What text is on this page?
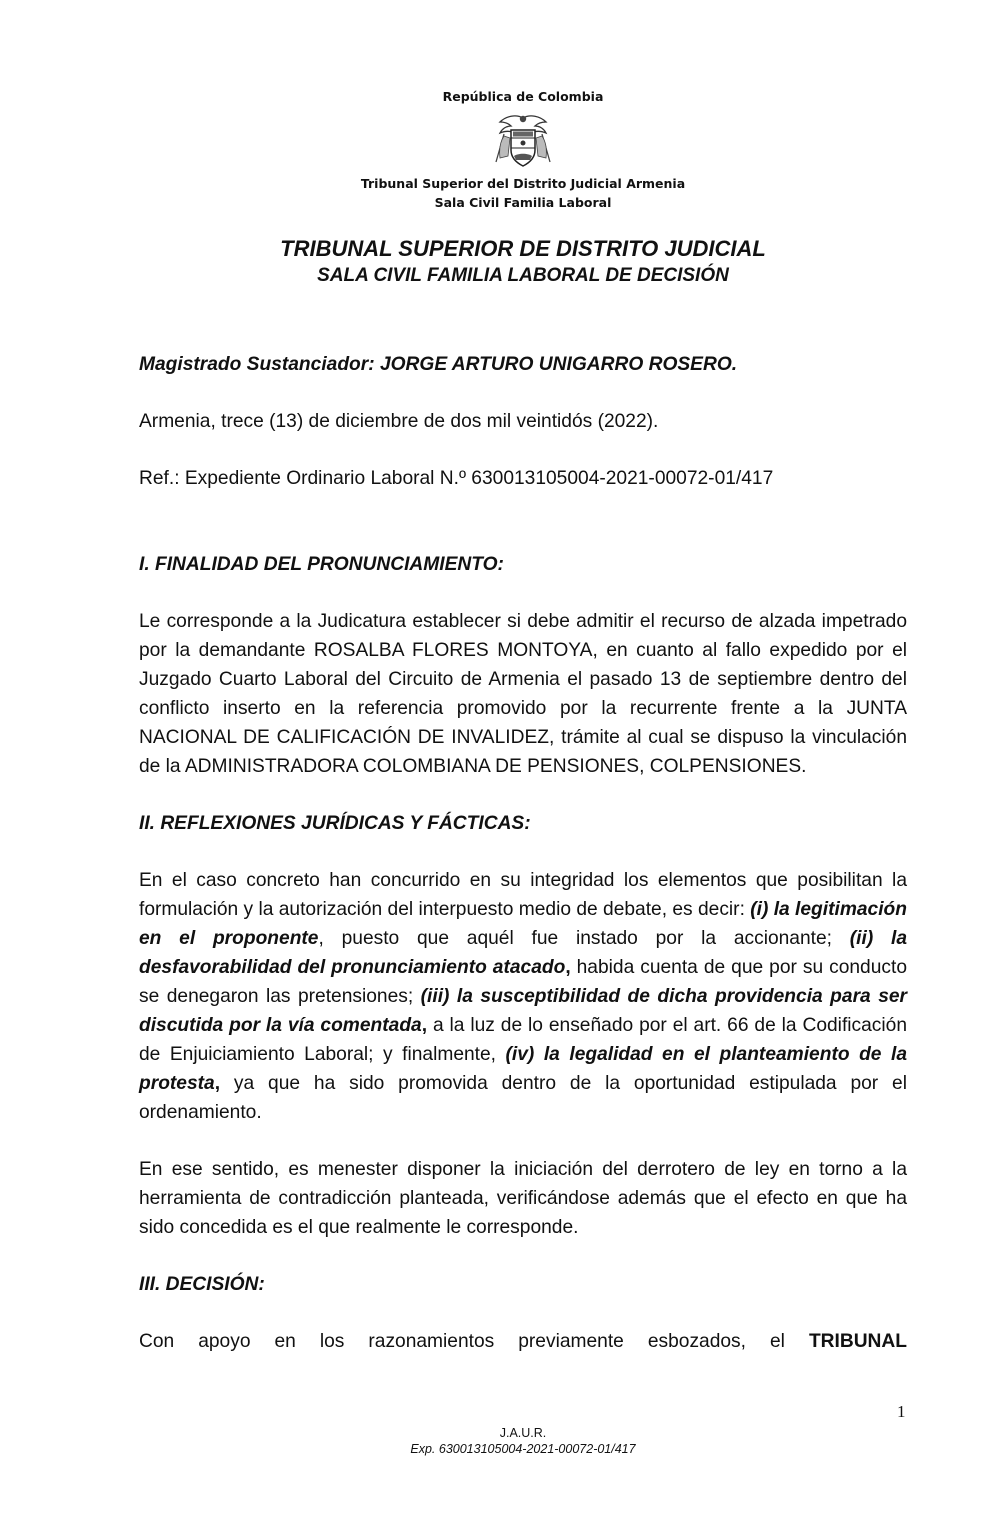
República de Colombia
Tribunal Superior del Distrito Judicial Armenia
Sala Civil Familia Laboral
TRIBUNAL SUPERIOR DE DISTRITO JUDICIAL
SALA CIVIL FAMILIA LABORAL DE DECISIÓN

Magistrado Sustanciador: JORGE ARTURO UNIGARRO ROSERO.

Armenia, trece (13) de diciembre de dos mil veintidós (2022).

Ref.: Expediente Ordinario Laboral N.º 630013105004-2021-00072-01/417

I. FINALIDAD DEL PRONUNCIAMIENTO:

Le corresponde a la Judicatura establecer si debe admitir el recurso de alzada impetrado por la demandante ROSALBA FLORES MONTOYA, en cuanto al fallo expedido por el Juzgado Cuarto Laboral del Circuito de Armenia el pasado 13 de septiembre dentro del conflicto inserto en la referencia promovido por la recurrente frente a la JUNTA NACIONAL DE CALIFICACIÓN DE INVALIDEZ, trámite al cual se dispuso la vinculación de la ADMINISTRADORA COLOMBIANA DE PENSIONES, COLPENSIONES.

II. REFLEXIONES JURÍDICAS Y FÁCTICAS:

En el caso concreto han concurrido en su integridad los elementos que posibilitan la formulación y la autorización del interpuesto medio de debate, es decir: (i) la legitimación en el proponente, puesto que aquél fue instado por la accionante; (ii) la desfavorabilidad del pronunciamiento atacado, habida cuenta de que por su conducto se denegaron las pretensiones; (iii) la susceptibilidad de dicha providencia para ser discutida por la vía comentada, a la luz de lo enseñado por el art. 66 de la Codificación de Enjuiciamiento Laboral; y finalmente, (iv) la legalidad en el planteamiento de la protesta, ya que ha sido promovida dentro de la oportunidad estipulada por el ordenamiento.

En ese sentido, es menester disponer la iniciación del derrotero de ley en torno a la herramienta de contradicción planteada, verificándose además que el efecto en que ha sido concedida es el que realmente le corresponde.

III. DECISIÓN:

Con apoyo en los razonamientos previamente esbozados, el TRIBUNAL

1
J.A.U.R.
Exp. 630013105004-2021-00072-01/417
